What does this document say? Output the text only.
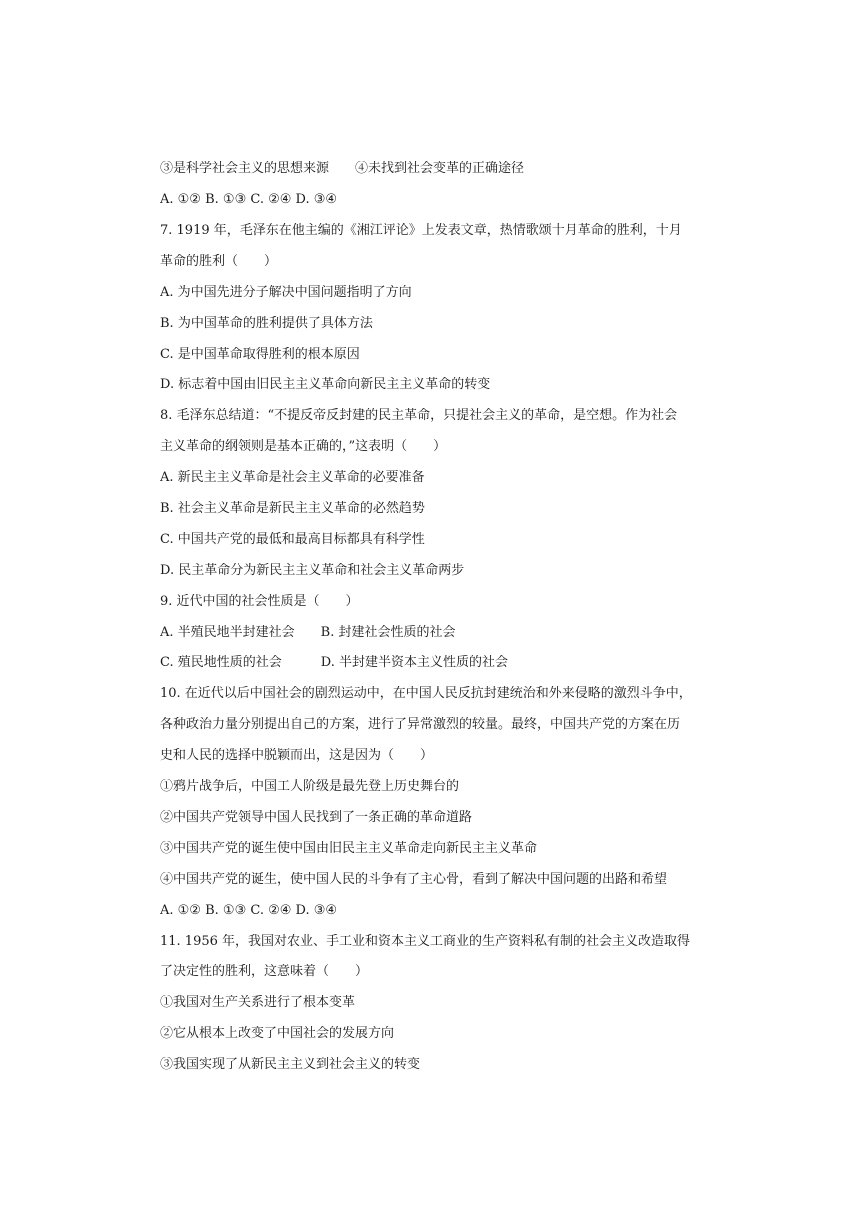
③是科学社会主义的思想来源　　④未找到社会变革的正确途径
A. ①② B. ①③ C. ②④ D. ③④
7. 1919 年，毛泽东在他主编的《湘江评论》上发表文章，热情歌颂十月革命的胜利，十月
革命的胜利（　　）
A. 为中国先进分子解决中国问题指明了方向
B. 为中国革命的胜利提供了具体方法
C. 是中国革命取得胜利的根本原因
D. 标志着中国由旧民主主义革命向新民主主义革命的转变
8. 毛泽东总结道：“不提反帝反封建的民主革命，只提社会主义的革命，是空想。作为社会
主义革命的纲领则是基本正确的，”这表明（　　）
A. 新民主主义革命是社会主义革命的必要准备
B. 社会主义革命是新民主主义革命的必然趋势
C. 中国共产党的最低和最高目标都具有科学性
D. 民主革命分为新民主主义革命和社会主义革命两步
9. 近代中国的社会性质是（　　）
A. 半殖民地半封建社会　　B. 封建社会性质的社会
C. 殖民地性质的社会　　　D. 半封建半资本主义性质的社会
10. 在近代以后中国社会的剧烈运动中，在中国人民反抗封建统治和外来侵略的激烈斗争中，
各种政治力量分别提出自己的方案，进行了异常激烈的较量。最终，中国共产党的方案在历
史和人民的选择中脱颖而出，这是因为（　　）
①鸦片战争后，中国工人阶级是最先登上历史舞台的
②中国共产党领导中国人民找到了一条正确的革命道路
③中国共产党的诞生使中国由旧民主主义革命走向新民主主义革命
④中国共产党的诞生，使中国人民的斗争有了主心骨，看到了解决中国问题的出路和希望
A. ①② B. ①③ C. ②④ D. ③④
11. 1956 年，我国对农业、手工业和资本主义工商业的生产资料私有制的社会主义改造取得
了决定性的胜利，这意味着（　　）
①我国对生产关系进行了根本变革
②它从根本上改变了中国社会的发展方向
③我国实现了从新民主主义到社会主义的转变
